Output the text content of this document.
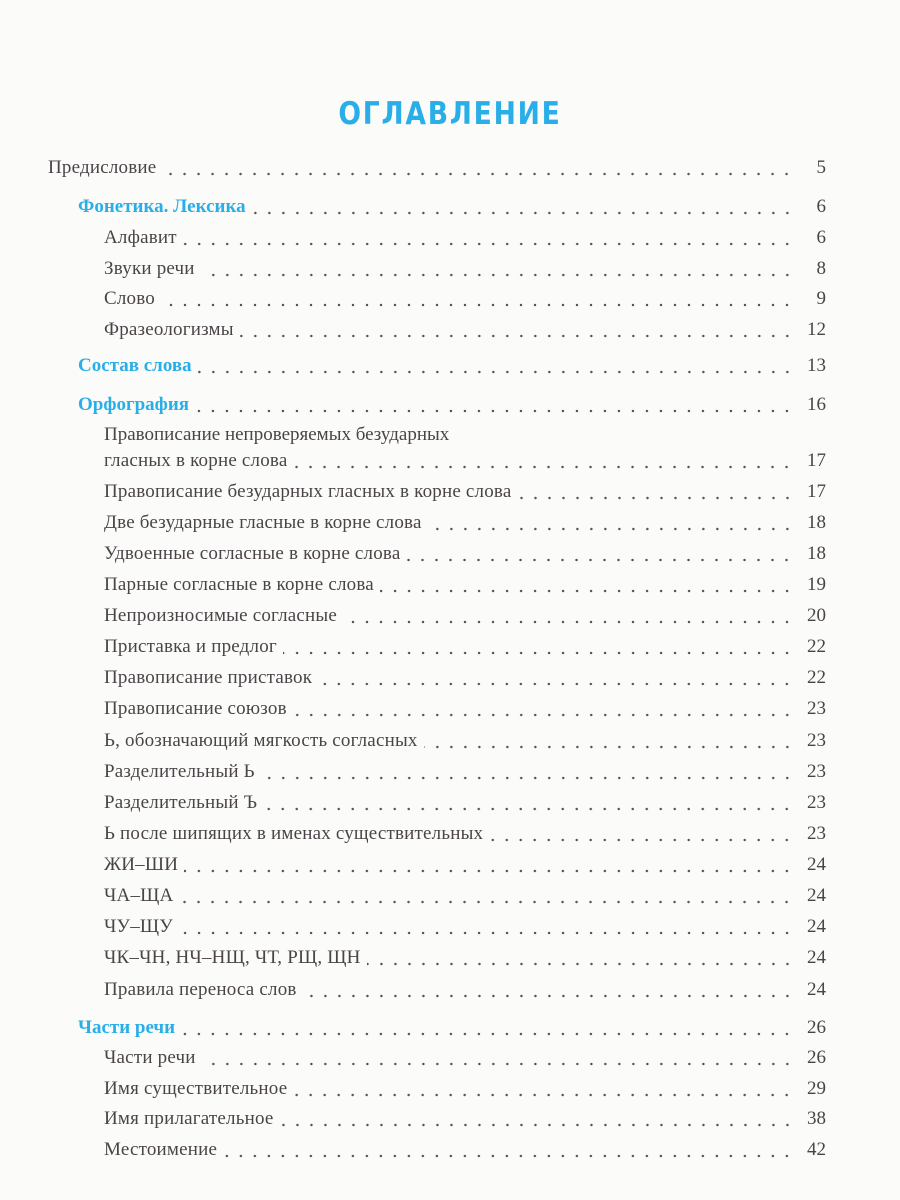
ОГЛАВЛЕНИЕ
Предисловие	5
Фонетика. Лексика	6
Алфавит	6
Звуки речи	8
Слово	9
Фразеологизмы	12
Состав слова	13
Орфография	16
Правописание непроверяемых безударных
гласных в корне слова	17
Правописание безударных гласных в корне слова	17
Две безударные гласные в корне слова	18
Удвоенные согласные в корне слова	18
Парные согласные в корне слова	19
Непроизносимые согласные	20
Приставка и предлог	22
Правописание приставок	22
Правописание союзов	23
Ь, обозначающий мягкость согласных	23
Разделительный Ь	23
Разделительный Ъ	23
Ь после шипящих в именах существительных	23
ЖИ–ШИ	24
ЧА–ЩА	24
ЧУ–ЩУ	24
ЧК–ЧН, НЧ–НЩ, ЧТ, РЩ, ЩН	24
Правила переноса слов	24
Части речи	26
Части речи	26
Имя существительное	29
Имя прилагательное	38
Местоимение	42
